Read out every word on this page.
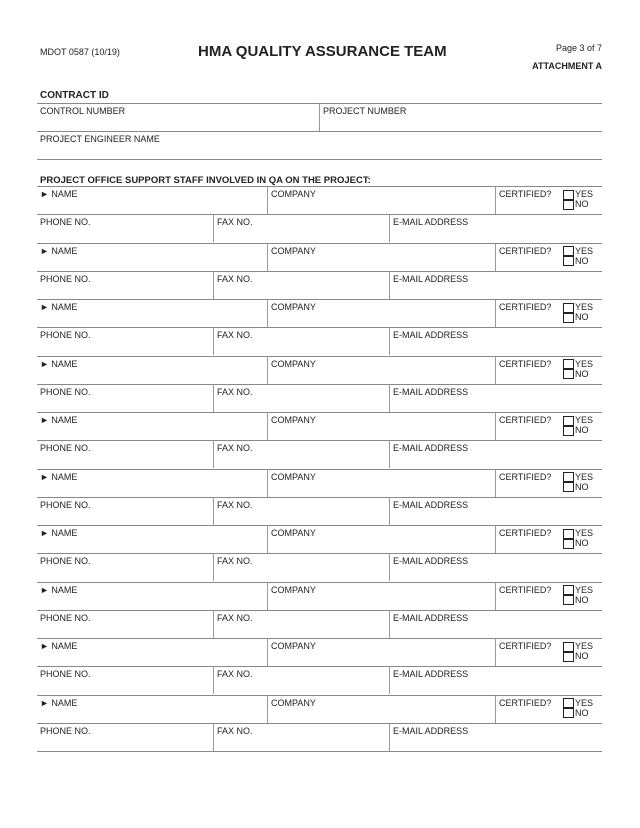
MDOT 0587 (10/19)	HMA QUALITY ASSURANCE TEAM	Page 3 of 7
ATTACHMENT A
CONTRACT ID
CONTROL NUMBER	PROJECT NUMBER
PROJECT ENGINEER NAME
PROJECT OFFICE SUPPORT STAFF INVOLVED IN QA ON THE PROJECT:
► NAME	COMPANY	CERTIFIED?	YES
NO
PHONE NO.	FAX NO.	E-MAIL ADDRESS
► NAME	COMPANY	CERTIFIED?	YES
NO
PHONE NO.	FAX NO.	E-MAIL ADDRESS
► NAME	COMPANY	CERTIFIED?	YES
NO
PHONE NO.	FAX NO.	E-MAIL ADDRESS
► NAME	COMPANY	CERTIFIED?	YES
NO
PHONE NO.	FAX NO.	E-MAIL ADDRESS
► NAME	COMPANY	CERTIFIED?	YES
NO
PHONE NO.	FAX NO.	E-MAIL ADDRESS
► NAME	COMPANY	CERTIFIED?	YES
NO
PHONE NO.	FAX NO.	E-MAIL ADDRESS
► NAME	COMPANY	CERTIFIED?	YES
NO
PHONE NO.	FAX NO.	E-MAIL ADDRESS
► NAME	COMPANY	CERTIFIED?	YES
NO
PHONE NO.	FAX NO.	E-MAIL ADDRESS
► NAME	COMPANY	CERTIFIED?	YES
NO
PHONE NO.	FAX NO.	E-MAIL ADDRESS
► NAME	COMPANY	CERTIFIED?	YES
NO
PHONE NO.	FAX NO.	E-MAIL ADDRESS
